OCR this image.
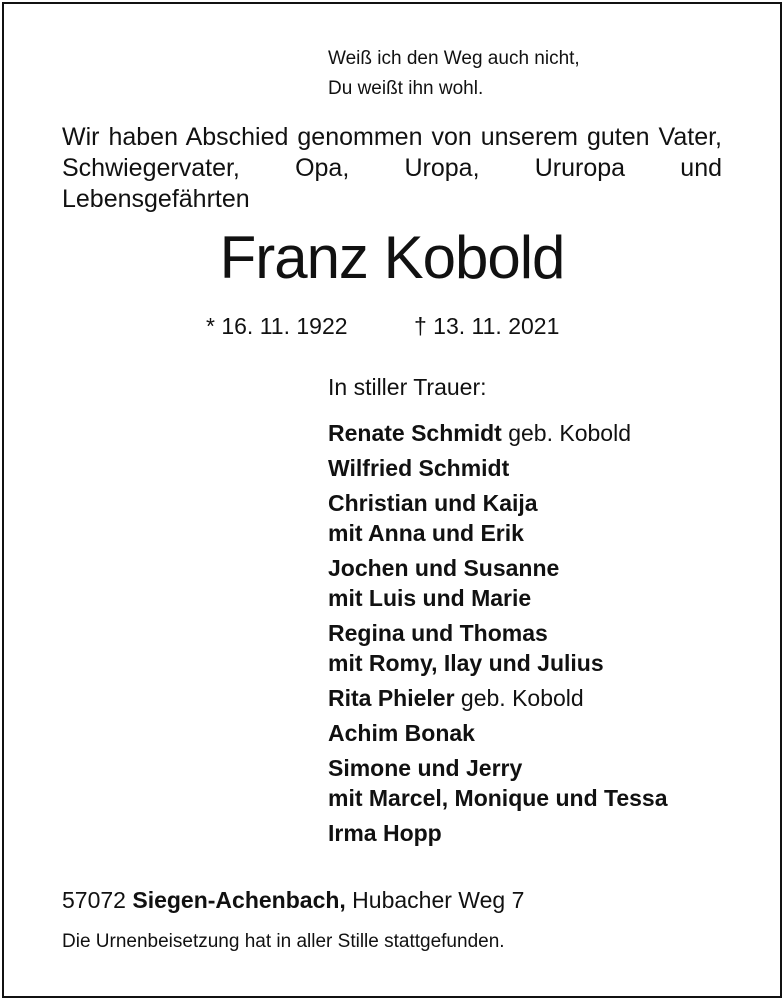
Weiß ich den Weg auch nicht,
Du weißt ihn wohl.
Wir haben Abschied genommen von unserem guten Vater, Schwiegervater, Opa, Uropa, Ururopa und Lebensgefährten
Franz Kobold
* 16. 11. 1922	† 13. 11. 2021
In stiller Trauer:
Renate Schmidt geb. Kobold
Wilfried Schmidt
Christian und Kaija
mit Anna und Erik
Jochen und Susanne
mit Luis und Marie
Regina und Thomas
mit Romy, Ilay und Julius
Rita Phieler geb. Kobold
Achim Bonak
Simone und Jerry
mit Marcel, Monique und Tessa
Irma Hopp
57072 Siegen-Achenbach, Hubacher Weg 7
Die Urnenbeisetzung hat in aller Stille stattgefunden.
